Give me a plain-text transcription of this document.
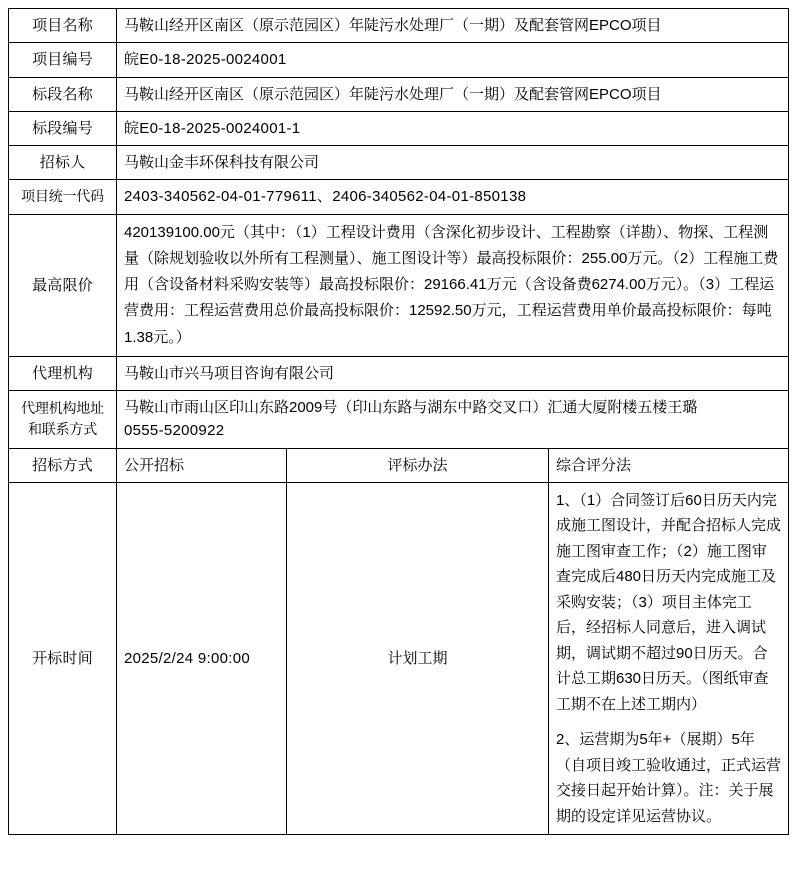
项目名称	马鞍山经开区南区（原示范园区）年陡污水处理厂（一期）及配套管网EPCO项目		
项目编号	皖E0-18-2025-0024001		
标段名称	马鞍山经开区南区（原示范园区）年陡污水处理厂（一期）及配套管网EPCO项目		
标段编号	皖E0-18-2025-0024001-1		
招标人	马鞍山金丰环保科技有限公司		
项目统一代码	2403-340562-04-01-779611、2406-340562-04-01-850138		
最高限价	420139100.00元（其中：（1）工程设计费用（含深化初步设计、工程勘察（详勘）、物探、工程测量（除规划验收以外所有工程测量）、施工图设计等）最高投标限价：255.00万元。（2）工程施工费用（含设备材料采购安装等）最高投标限价：29166.41万元（含设备费6274.00万元）。（3）工程运营费用：工程运营费用总价最高投标限价：12592.50万元，工程运营费用单价最高投标限价：每吨1.38元。）		
代理机构	马鞍山市兴马项目咨询有限公司		

代理机构地址
和联系方式	马鞍山市雨山区印山东路2009号（印山东路与湖东中路交叉口）汇通大厦附楼五楼王璐
0555-5200922		

招标方式	公开招标	评标办法	综合评分法
开标时间	2025/2/24 9:00:00	计划工期	1、（1）合同签订后60日历天内完成施工图设计，并配合招标人完成施工图审查工作；（2）施工图审查完成后480日历天内完成施工及采购安装；（3）项目主体完工后，经招标人同意后，进入调试期，调试期不超过90日历天。合计总工期630日历天。（图纸审查工期不在上述工期内）
2、运营期为5年+（展期）5年（自项目竣工验收通过，正式运营交接日起开始计算）。注：关于展期的设定详见运营协议。
